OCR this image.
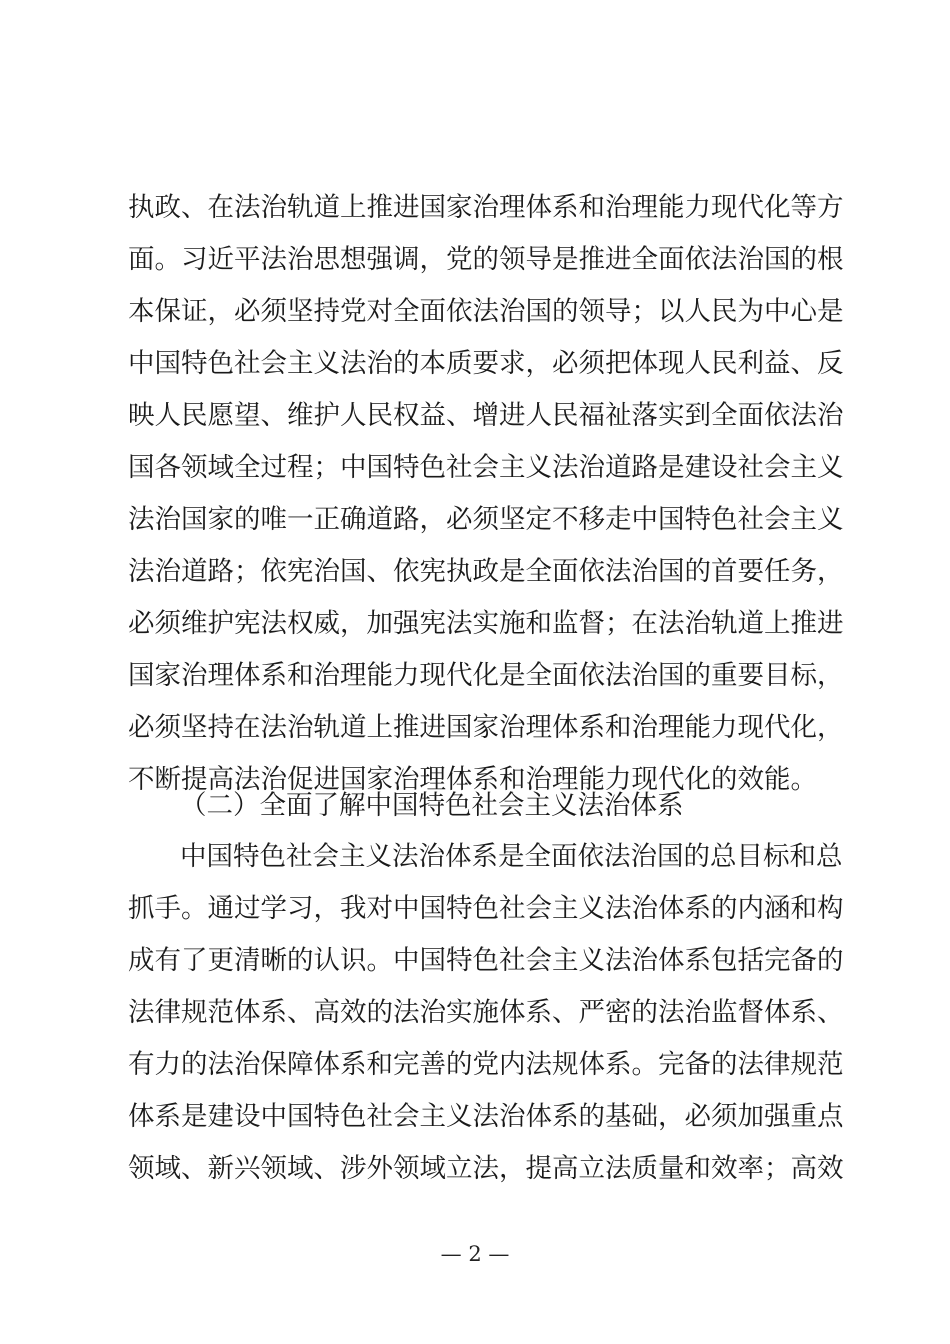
执政、在法治轨道上推进国家治理体系和治理能力现代化等方
面。习近平法治思想强调，党的领导是推进全面依法治国的根
本保证，必须坚持党对全面依法治国的领导；以人民为中心是
中国特色社会主义法治的本质要求，必须把体现人民利益、反
映人民愿望、维护人民权益、增进人民福祉落实到全面依法治
国各领域全过程；中国特色社会主义法治道路是建设社会主义
法治国家的唯一正确道路，必须坚定不移走中国特色社会主义
法治道路；依宪治国、依宪执政是全面依法治国的首要任务，
必须维护宪法权威，加强宪法实施和监督；在法治轨道上推进
国家治理体系和治理能力现代化是全面依法治国的重要目标，
必须坚持在法治轨道上推进国家治理体系和治理能力现代化，
不断提高法治促进国家治理体系和治理能力现代化的效能。
（二）全面了解中国特色社会主义法治体系
中国特色社会主义法治体系是全面依法治国的总目标和总
抓手。通过学习，我对中国特色社会主义法治体系的内涵和构
成有了更清晰的认识。中国特色社会主义法治体系包括完备的
法律规范体系、高效的法治实施体系、严密的法治监督体系、
有力的法治保障体系和完善的党内法规体系。完备的法律规范
体系是建设中国特色社会主义法治体系的基础，必须加强重点
领域、新兴领域、涉外领域立法，提高立法质量和效率；高效
— 2 —
